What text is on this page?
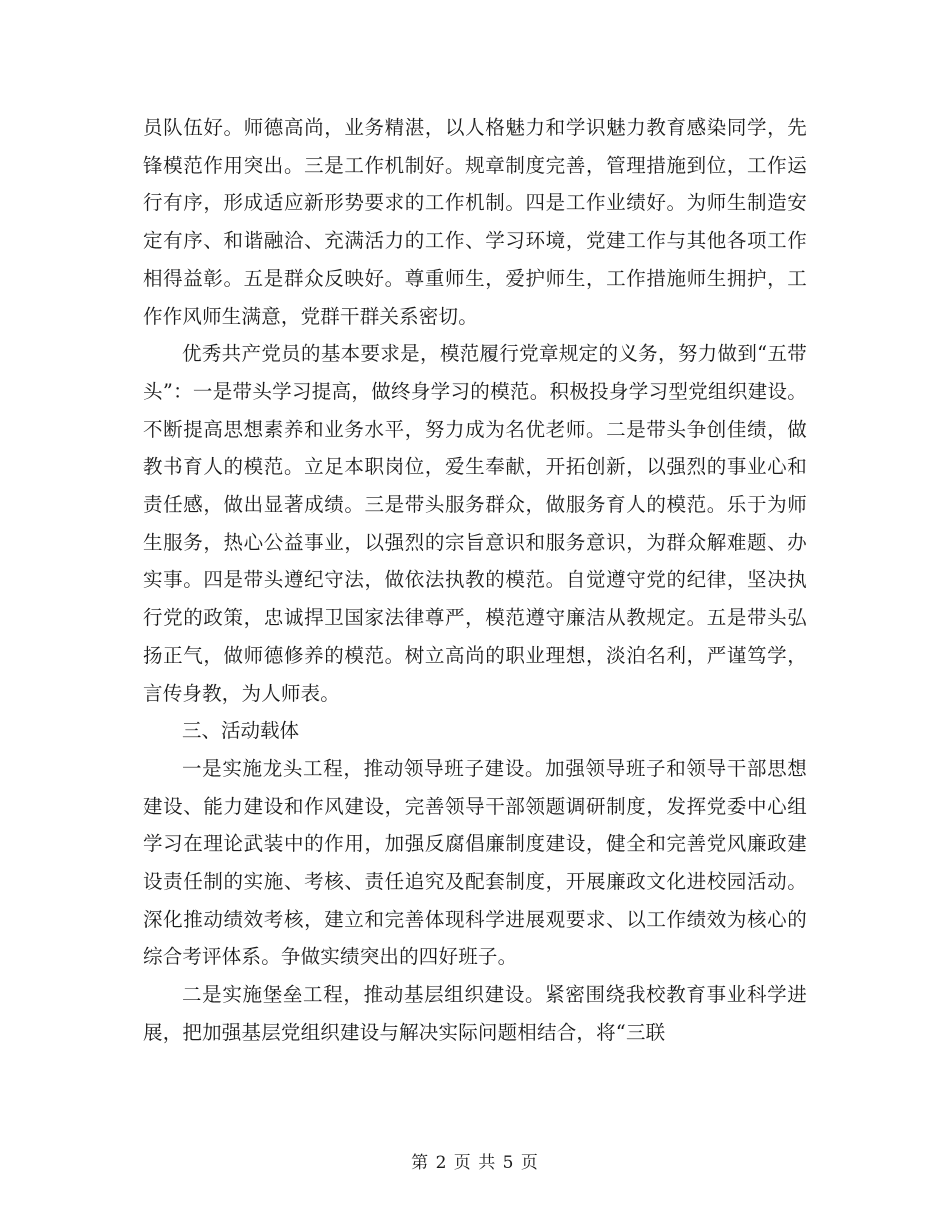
员队伍好。师德高尚，业务精湛，以人格魅力和学识魅力教育感染同学，先锋模范作用突出。三是工作机制好。规章制度完善，管理措施到位，工作运行有序，形成适应新形势要求的工作机制。四是工作业绩好。为师生制造安定有序、和谐融洽、充满活力的工作、学习环境，党建工作与其他各项工作相得益彰。五是群众反映好。尊重师生，爱护师生，工作措施师生拥护，工作作风师生满意，党群干群关系密切。

优秀共产党员的基本要求是，模范履行党章规定的义务，努力做到“五带头”：一是带头学习提高，做终身学习的模范。积极投身学习型党组织建设。不断提高思想素养和业务水平，努力成为名优老师。二是带头争创佳绩，做教书育人的模范。立足本职岗位，爱生奉献，开拓创新，以强烈的事业心和责任感，做出显著成绩。三是带头服务群众，做服务育人的模范。乐于为师生服务，热心公益事业，以强烈的宗旨意识和服务意识，为群众解难题、办实事。四是带头遵纪守法，做依法执教的模范。自觉遵守党的纪律，坚决执行党的政策，忠诚捍卫国家法律尊严，模范遵守廉洁从教规定。五是带头弘扬正气，做师德修养的模范。树立高尚的职业理想，淡泊名利，严谨笃学，言传身教，为人师表。

三、活动载体

一是实施龙头工程，推动领导班子建设。加强领导班子和领导干部思想建设、能力建设和作风建设，完善领导干部领题调研制度，发挥党委中心组学习在理论武装中的作用，加强反腐倡廉制度建设，健全和完善党风廉政建设责任制的实施、考核、责任追究及配套制度，开展廉政文化进校园活动。深化推动绩效考核，建立和完善体现科学进展观要求、以工作绩效为核心的综合考评体系。争做实绩突出的四好班子。

二是实施堡垒工程，推动基层组织建设。紧密围绕我校教育事业科学进展，把加强基层党组织建设与解决实际问题相结合，将“三联

第 2 页 共 5 页
